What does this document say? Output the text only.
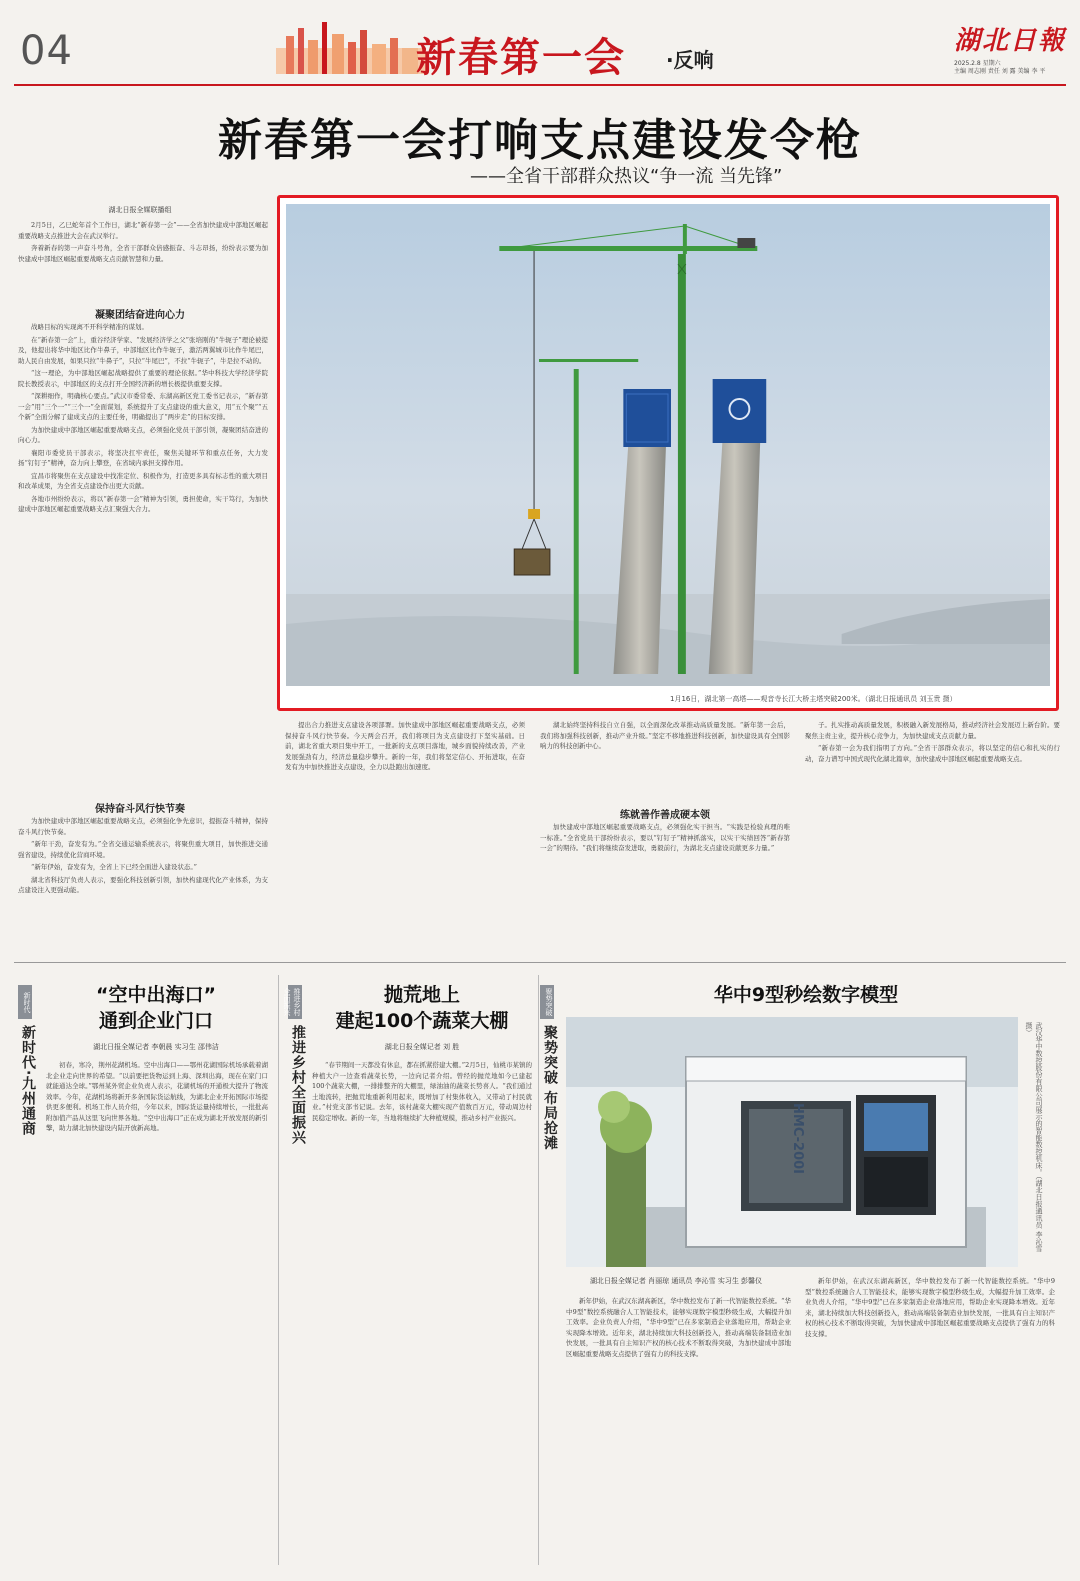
04	新春第一会 ·反响
湖北日報
2025.2.8 星期六
主编 周志刚 责任 刘 露 美编 李 平
新春第一会打响支点建设发令枪
——全省干部群众热议“争一流 当先锋”
湖北日报全媒联播组

2月5日，乙巳蛇年首个工作日，湖北“新春第一会”——全省加快建成中部地区崛起重要战略支点推进大会在武汉举行。

奔着新春的第一声奋斗号角，全省干部群众倍感振奋、斗志昂扬，纷纷表示要为加快建成中部地区崛起重要战略支点贡献智慧和力量。

凝聚团结奋进向心力

战略目标的实现离不开科学精准的谋划。

在“新春第一会”上，重谷经济学家、“发展经济学之父”张培刚的“牛轭子”理论被提及，他提出将华中地区比作牛鼻子，中部地区比作牛轭子，激活两翼城市比作牛尾巴，助人民自由发展，如果只拉“牛鼻子”，只拉“牛尾巴”，不拉“牛轭子”，牛是拉不动的。

“这一理论，为中部地区崛起战略提供了重要的理论依据。”华中科技大学经济学院院长教授表示，中部地区的支点打开全国经济新的增长极提供重要支撑。

“深耕细作，明确核心要点。”武汉市委常委、东湖高新区党工委书记表示，“新春第一会”用“三个一”“三个一”全面谋划，系统提升了支点建设的重大意义，用“五个聚”“五个新”全面分解了建成支点的主要任务，明确提出了“两步走”的目标安排。

为加快建成中部地区崛起重要战略支点，必须强化党员干部引领，凝聚团结奋进的向心力。

襄阳市委党员干部表示，将坚决扛牢责任，聚焦关键环节和重点任务，大力发扬“钉钉子”精神，奋力向上攀登，在省域内承担支撑作用。

宜昌市将聚焦在支点建设中找准定位、积极作为，打造更多具有标志性的重大项目和改革成果，为全省支点建设作出更大贡献。

各地市州纷纷表示，将以“新春第一会”精神为引领，勇担使命，实干笃行，为加快建成中部地区崛起重要战略支点汇聚强大合力。

保持奋斗风行快节奏

为加快建成中部地区崛起重要战略支点，必须强化争先意识，提振奋斗精神，保持奋斗风行快节奏。

“新年干劲，奋发有为。”全省交通运输系统表示，将聚焦重大项目，加快推进交通强省建设，持续优化营商环境。

“新年伊始，奋发有为，全省上下已经全面进入建设状态。”

湖北省科技厅负责人表示，要强化科技创新引领，加快构建现代化产业体系，为支点建设注入更强动能。

1月16日，湖北第一高塔——观音寺长江大桥主塔突破200米。（湖北日报通讯员 刘玉贵 摄）

提出合力推进支点建设各项部署。加快建成中部地区崛起重要战略支点，必须保持奋斗风行快节奏。今天两会召开，我们将项目为支点建设打下坚实基础。日前，湖北省重大项目集中开工，一批新的支点项目落地，城乡面貌持续改善，产业发展强劲有力，经济总量稳步攀升。新的一年，我们将坚定信心、开拓进取，在奋发有为中加快推进支点建设，全力以赴跑出加速度。

湖北始终坚持科技自立自强，以全面深化改革推动高质量发展。“新年第一会后，我们将加强科技创新，推动产业升级。”坚定不移地推进科技创新，加快建设具有全国影响力的科技创新中心。

练就善作善成硬本领

加快建成中部地区崛起重要战略支点，必须强化实干担当。“实践是检验真理的唯一标准。”全省党员干部纷纷表示，要以“钉钉子”精神抓落实，以实干实绩回答“新春第一会”的期待。“我们将继续奋发进取，勇毅前行，为湖北支点建设贡献更多力量。”

子。扎实推动高质量发展，积极融入新发展格局，推动经济社会发展迈上新台阶。要聚焦主责主业，提升核心竞争力，为加快建成支点贡献力量。

“新春第一会为我们指明了方向。”全省干部群众表示，将以坚定的信心和扎实的行动，奋力谱写中国式现代化湖北篇章，加快建成中部地区崛起重要战略支点。

新时代
新时代·九州通商
“空中出海口”
通到企业门口
湖北日报全媒记者 李朝晨 实习生 邵伟洁

初春，寒冷，荆州花湖机场。空中出海口——鄂州花湖国际机场承载着湖北企业走向世界的希望。“以前要把货物运到上海、深圳出海，现在在家门口就能通达全球。”鄂州某外贸企业负责人表示，花湖机场的开通极大提升了物流效率。今年，花湖机场将新开多条国际货运航线，为湖北企业开拓国际市场提供更多便利。机场工作人员介绍，今年以来，国际货运量持续增长，一批批高附加值产品从这里飞向世界各地。“空中出海口”正在成为湖北开放发展的新引擎，助力湖北加快建设内陆开放新高地。

推进乡村全面振兴
推进乡村全面振兴
抛荒地上
建起100个蔬菜大棚
湖北日报全媒记者 刘 胜

“春节期间一天都没有休息，都在抓紧搭建大棚。”2月5日，仙桃市某镇的种植大户一边查看蔬菜长势，一边向记者介绍。曾经的抛荒地如今已建起100个蔬菜大棚，一排排整齐的大棚里，绿油油的蔬菜长势喜人。“我们通过土地流转，把抛荒地重新利用起来，既增加了村集体收入，又带动了村民就业。”村党支部书记说。去年，该村蔬菜大棚实现产值数百万元，带动周边村民稳定增收。新的一年，当地将继续扩大种植规模，推动乡村产业振兴。

聚势突破
聚势突破 布局抢滩
华中9型秒绘数字模型
HMC-200I	武汉华中数控股份有限公司展示的智能数控机床。（湖北日报通讯员 李沁雪 摄）
湖北日报全媒记者 肖丽琼 通讯员 李沁雪 实习生 彭馨仪

新年伊始，在武汉东湖高新区，华中数控发布了新一代智能数控系统。“华中9型”数控系统融合人工智能技术，能够实现数字模型秒级生成，大幅提升加工效率。企业负责人介绍，“华中9型”已在多家制造企业落地应用，帮助企业实现降本增效。近年来，湖北持续加大科技创新投入，推动高端装备制造业加快发展，一批具有自主知识产权的核心技术不断取得突破，为加快建成中部地区崛起重要战略支点提供了强有力的科技支撑。

新年伊始，在武汉东湖高新区，华中数控发布了新一代智能数控系统。“华中9型”数控系统融合人工智能技术，能够实现数字模型秒级生成，大幅提升加工效率。企业负责人介绍，“华中9型”已在多家制造企业落地应用，帮助企业实现降本增效。近年来，湖北持续加大科技创新投入，推动高端装备制造业加快发展，一批具有自主知识产权的核心技术不断取得突破，为加快建成中部地区崛起重要战略支点提供了强有力的科技支撑。
